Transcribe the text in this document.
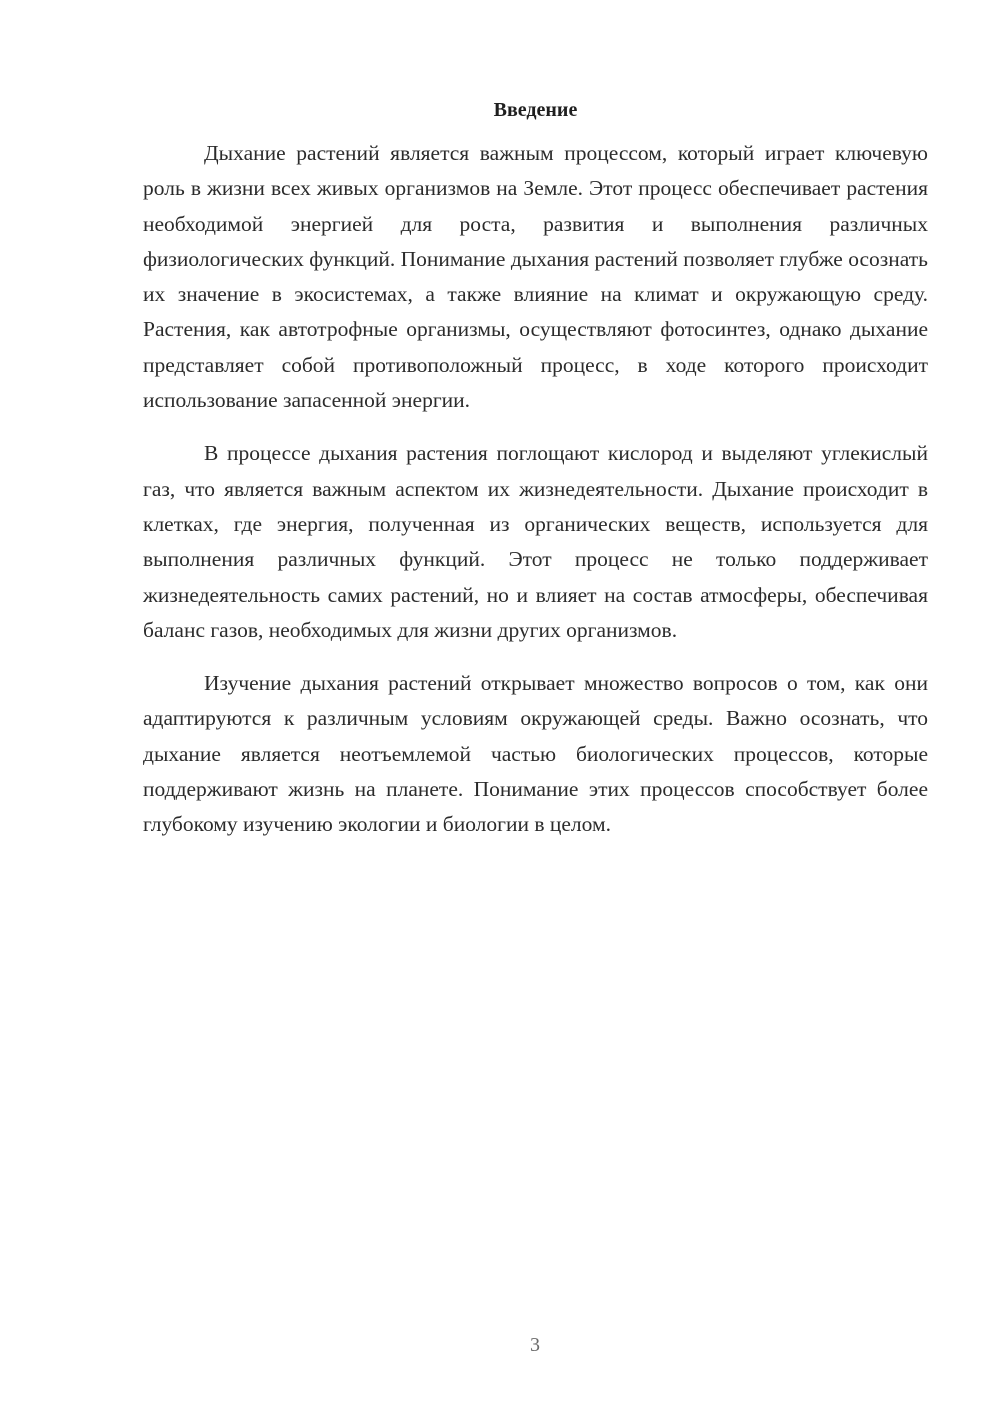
Введение

Дыхание растений является важным процессом, который играет ключевую роль в жизни всех живых организмов на Земле. Этот процесс обеспечивает растения необходимой энергией для роста, развития и выполнения различных физиологических функций. Понимание дыхания растений позволяет глубже осознать их значение в экосистемах, а также влияние на климат и окружающую среду. Растения, как автотрофные организмы, осуществляют фотосинтез, однако дыхание представляет собой противоположный процесс, в ходе которого происходит использование запасенной энергии.

В процессе дыхания растения поглощают кислород и выделяют углекислый газ, что является важным аспектом их жизнедеятельности. Дыхание происходит в клетках, где энергия, полученная из органических веществ, используется для выполнения различных функций. Этот процесс не только поддерживает жизнедеятельность самих растений, но и влияет на состав атмосферы, обеспечивая баланс газов, необходимых для жизни других организмов.

Изучение дыхания растений открывает множество вопросов о том, как они адаптируются к различным условиям окружающей среды. Важно осознать, что дыхание является неотъемлемой частью биологических процессов, которые поддерживают жизнь на планете. Понимание этих процессов способствует более глубокому изучению экологии и биологии в целом.

3
